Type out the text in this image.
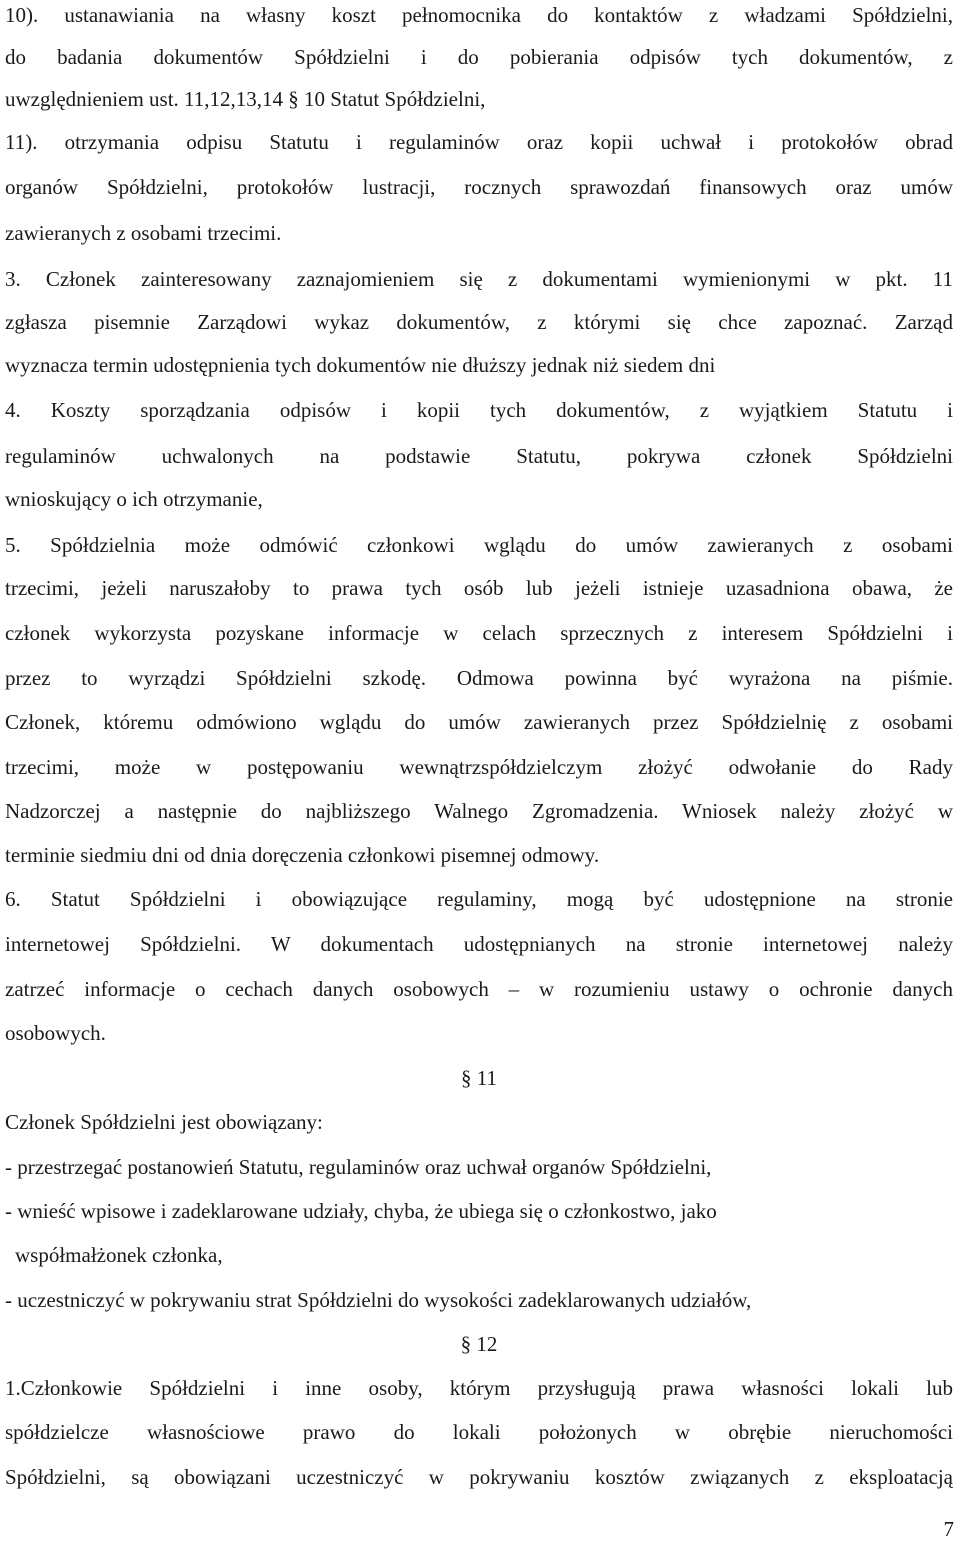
10). ustanawiania na własny koszt pełnomocnika do kontaktów z władzami Spółdzielni,
do badania dokumentów Spółdzielni i do pobierania odpisów tych dokumentów, z
uwzględnieniem ust. 11,12,13,14 § 10 Statut Spółdzielni,
11). otrzymania odpisu Statutu i regulaminów oraz kopii uchwał i protokołów obrad
organów Spółdzielni, protokołów lustracji, rocznych sprawozdań finansowych oraz umów
zawieranych z osobami trzecimi.
3. Członek zainteresowany zaznajomieniem się z dokumentami wymienionymi w pkt. 11
zgłasza pisemnie Zarządowi wykaz dokumentów, z którymi się chce zapoznać. Zarząd
wyznacza termin udostępnienia tych dokumentów nie dłuższy jednak niż siedem dni
4. Koszty sporządzania odpisów i kopii tych dokumentów, z wyjątkiem Statutu i
regulaminów uchwalonych na podstawie Statutu, pokrywa członek Spółdzielni
wnioskujący o ich otrzymanie,
5. Spółdzielnia może odmówić członkowi wglądu do umów zawieranych z osobami
trzecimi, jeżeli naruszałoby to prawa tych osób lub jeżeli istnieje uzasadniona obawa, że
członek wykorzysta pozyskane informacje w celach sprzecznych z interesem Spółdzielni i
przez to wyrządzi Spółdzielni szkodę. Odmowa powinna być wyrażona na piśmie.
Członek, któremu odmówiono wglądu do umów zawieranych przez Spółdzielnię z osobami
trzecimi, może w postępowaniu wewnątrzspółdzielczym złożyć odwołanie do Rady
Nadzorczej a następnie do najbliższego Walnego Zgromadzenia. Wniosek należy złożyć w
terminie siedmiu dni od dnia doręczenia członkowi pisemnej odmowy.
6. Statut Spółdzielni i obowiązujące regulaminy, mogą być udostępnione na stronie
internetowej Spółdzielni. W dokumentach udostępnianych na stronie internetowej należy
zatrzeć informacje o cechach danych osobowych – w rozumieniu ustawy o ochronie danych
osobowych.
§ 11
Członek Spółdzielni jest obowiązany:
- przestrzegać postanowień Statutu, regulaminów oraz uchwał organów Spółdzielni,
- wnieść wpisowe i zadeklarowane udziały, chyba, że ubiega się o członkostwo, jako
współmałżonek członka,
- uczestniczyć w pokrywaniu strat Spółdzielni do wysokości zadeklarowanych udziałów,
§ 12
1.Członkowie Spółdzielni i inne osoby, którym przysługują prawa własności lokali lub
spółdzielcze własnościowe prawo do lokali położonych w obrębie nieruchomości
Spółdzielni, są obowiązani uczestniczyć w pokrywaniu kosztów związanych z eksploatacją
7
